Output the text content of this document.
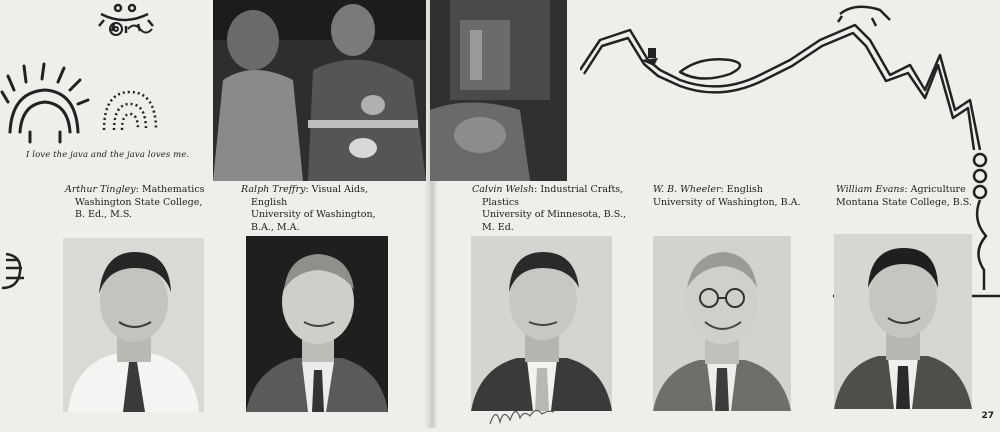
I love the java and the java loves me.
Arthur Tingley: Mathematics
Washington State College,
B. Ed., M.S.
Ralph Treffry: Visual Aids,
English
University of Washington,
B.A., M.A.
Calvin Welsh: Industrial Crafts,
Plastics
University of Minnesota, B.S.,
M. Ed.
W. B. Wheeler: English
University of Washington, B.A.
William Evans: Agriculture
Montana State College, B.S.
27
